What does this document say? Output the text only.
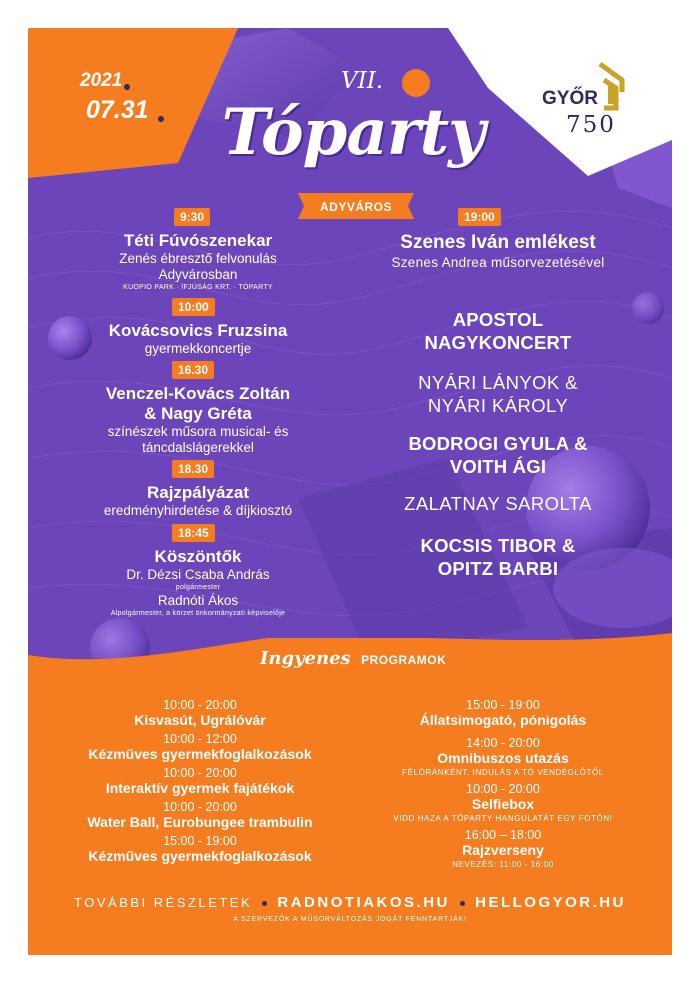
2021
07.31
VII.
Tóparty
ADYVÁROS
GYŐR
750
9:30
Téti Fúvószenekar
Zenés ébresztő felvonulás
Adyvárosban
KUOPIO PARK · IFJÚSÁG KRT. · TÓPARTY
10:00
Kovácsovics Fruzsina
gyermekkoncertje
16.30
Venczel-Kovács Zoltán
& Nagy Gréta
színészek műsora musical- és
táncdalslágerekkel
18.30
Rajzpályázat
eredményhirdetése & díjkiosztó
18:45
Köszöntők
Dr. Dézsi Csaba András
polgármester
Radnóti Ákos
Alpolgármester, a körzet önkormányzati képviselője
19:00
Szenes Iván emlékest
Szenes Andrea műsorvezetésével
APOSTOL
NAGYKONCERT
NYÁRI LÁNYOK &
NYÁRI KÁROLY
BODROGI GYULA &
VOITH ÁGI
ZALATNAY SAROLTA
KOCSIS TIBOR &
OPITZ BARBI
Ingyenes PROGRAMOK
10:00 - 20:00
Kisvasút, Ugrálóvár
10:00 - 12:00
Kézműves gyermekfoglalkozások
10:00 - 20:00
Interaktív gyermek fajátékok
10:00 - 20:00
Water Ball, Eurobungee trambulin
15:00 - 19:00
Kézműves gyermekfoglalkozások
15:00 - 19:00
Állatsimogató, pónigolás
14:00 - 20:00
Omnibuszos utazás
FÉLÓRÁNKÉNT, INDULÁS A TÓ VENDÉGLŐTŐL
10:00 - 20:00
Selfiebox
VIDD HAZA A TÓPARTY HANGULATÁT EGY FOTÓN!
16:00 – 18:00
Rajzverseny
NEVEZÉS: 11:00 - 16:00
TOVÁBBI RÉSZLETEK RADNOTIAKOS.HU HELLOGYOR.HU
A SZERVEZŐK A MŰSORVÁLTOZÁS JOGÁT FENNTARTJÁK!
